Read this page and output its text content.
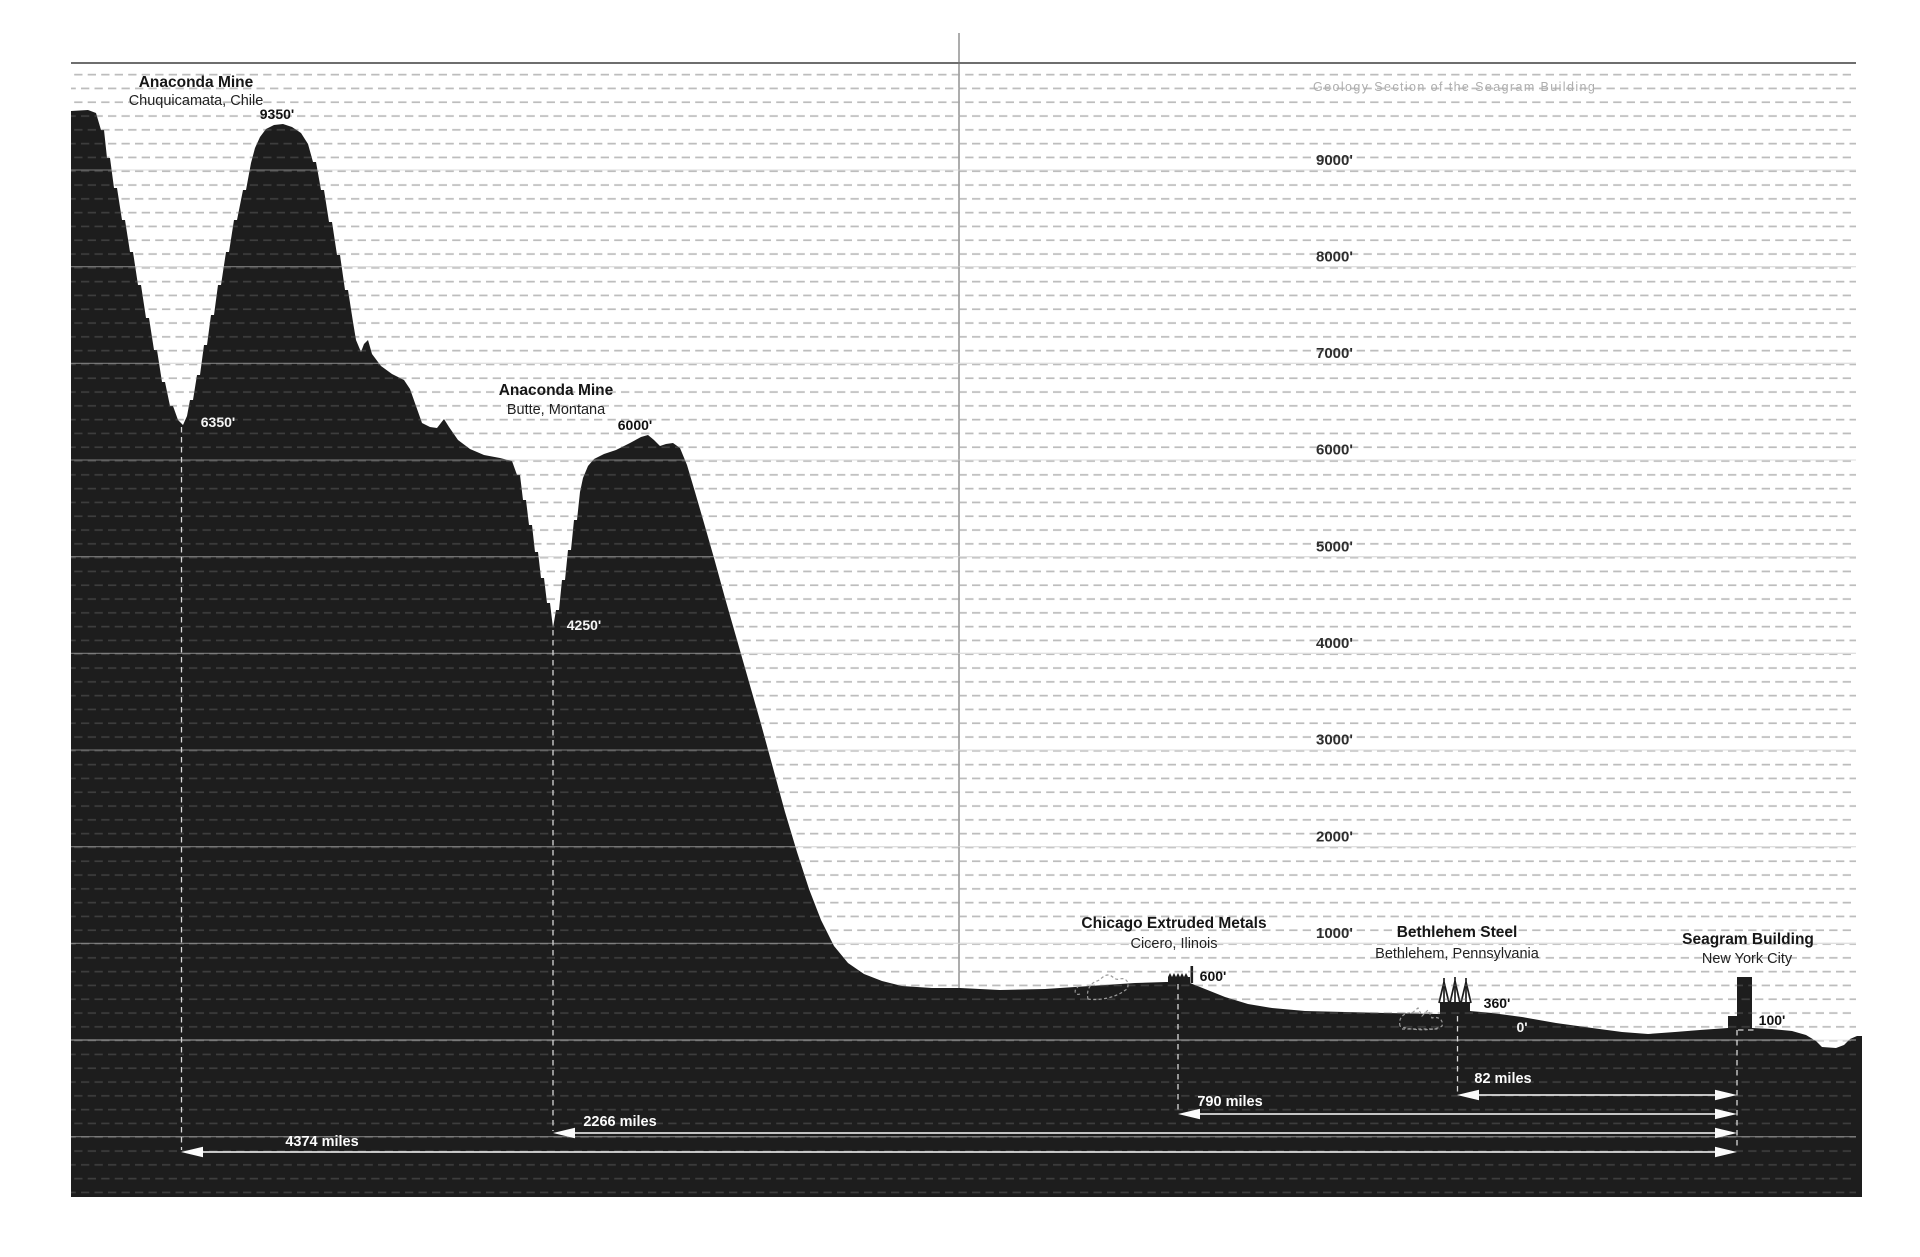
Geology Section of the Seagram Building
9000'
8000'
7000'
6000'
5000'
4000'
3000'
2000'
1000'
Anaconda Mine
Chuquicamata, Chile
9350'
6350'
Anaconda Mine
Butte, Montana
6000'
4250'
Chicago Extruded Metals
Cicero, Ilinois
600'
Bethlehem Steel
Bethlehem, Pennsylvania
360'
0'
Seagram Building
New York City
100'
82 miles
790 miles
2266 miles
4374 miles
